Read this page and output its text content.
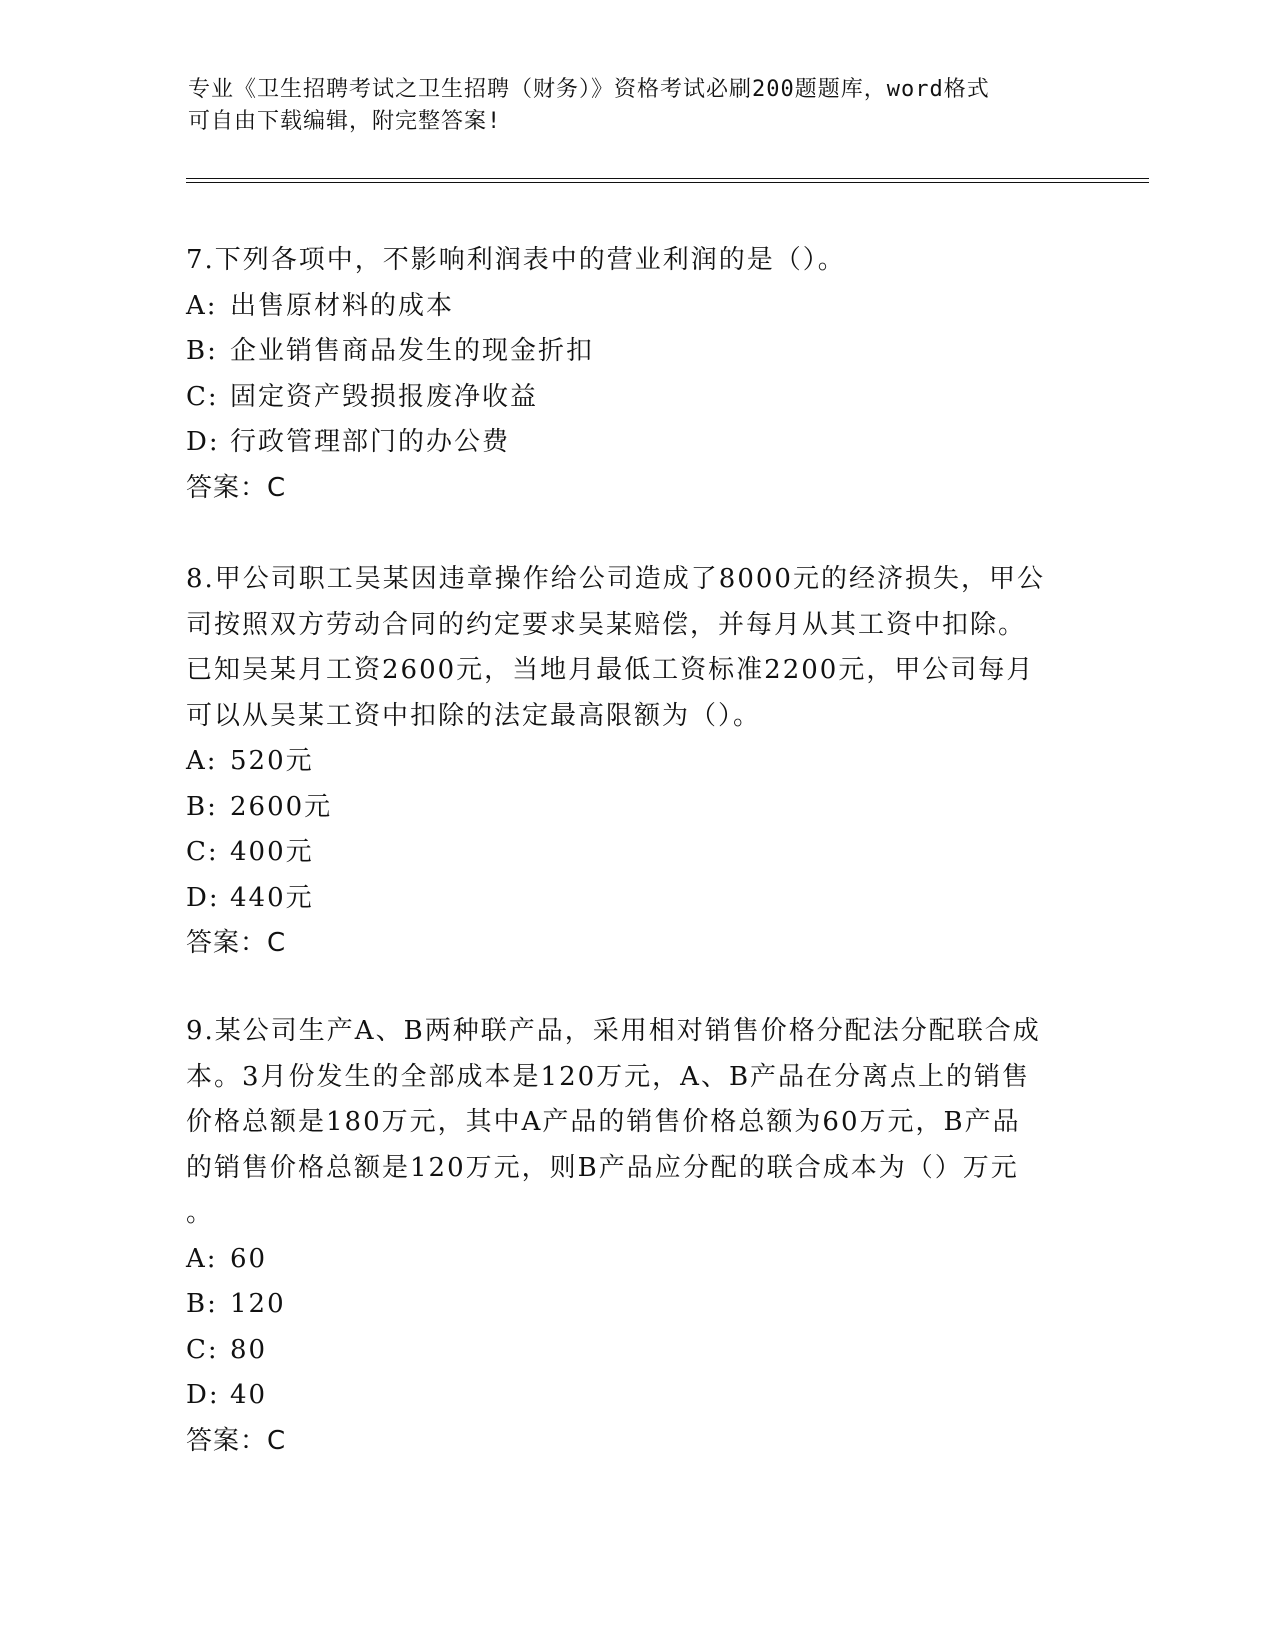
专业《卫生招聘考试之卫生招聘（财务）》资格考试必刷200题题库，word格式
可自由下载编辑，附完整答案!

7.下列各项中，不影响利润表中的营业利润的是（）。

A: 出售原材料的成本

B: 企业销售商品发生的现金折扣

C: 固定资产毁损报废净收益

D: 行政管理部门的办公费

答案：C

8.甲公司职工吴某因违章操作给公司造成了8000元的经济损失，甲公

司按照双方劳动合同的约定要求吴某赔偿，并每月从其工资中扣除。

已知吴某月工资2600元，当地月最低工资标准2200元，甲公司每月

可以从吴某工资中扣除的法定最高限额为（）。

A: 520元

B: 2600元

C: 400元

D: 440元

答案：C

9.某公司生产A、B两种联产品，采用相对销售价格分配法分配联合成

本。3月份发生的全部成本是120万元，A、B产品在分离点上的销售

价格总额是180万元，其中A产品的销售价格总额为60万元，B产品

的销售价格总额是120万元，则B产品应分配的联合成本为（）万元

。

A: 60

B: 120

C: 80

D: 40

答案：C
